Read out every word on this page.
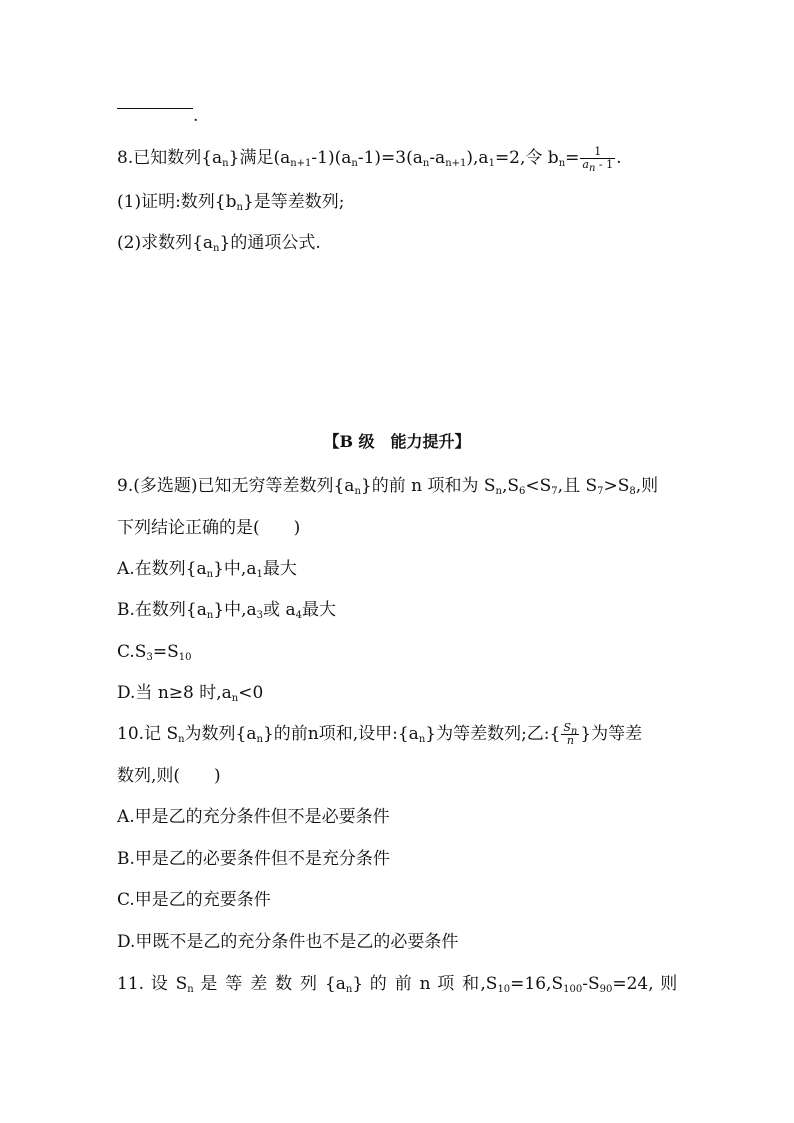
.
8.已知数列$\{a_n\}$满足$(a_{n+1}-1)(a_n-1)=3(a_n-a_{n+1}),a_1=2$,令 $b_n= \frac{1}{a_n - 1}$ .
(1)证明:数列$\{b_n\}$是等差数列;
(2)求数列$\{a_n\}$的通项公式.
【B 级　能力提升】
9.(多选题)已知无穷等差数列$\{a_n\}$的前 n 项和为 $S_n,S_6<S_7$,且 $S_7>S_8$,则
下列结论正确的是(　　)
A.在数列$\{a_n\}$中$,a_1$最大
B.在数列$\{a_n\}$中$,a_3$或 $a_4$最大
$C.S_3=S_{10}$
D.当 n≥8 时$,a_n<0$
10.记 $S_n$为数列$\{a_n\}$的前n项和,设甲$:\{a_n\}$为等差数列;乙:{ $\frac{S_n}{n}$ }为等差
数列,则(　　)
A.甲是乙的充分条件但不是必要条件
B.甲是乙的必要条件但不是充分条件
C.甲是乙的充要条件
D.甲既不是乙的充分条件也不是乙的必要条件
11. 设 $S_n$ 是 等 差 数 列 $\{a_n\}$ 的 前 n 项 和$,S_{10}=16,S_{100}-S_{90}=24$, 则
